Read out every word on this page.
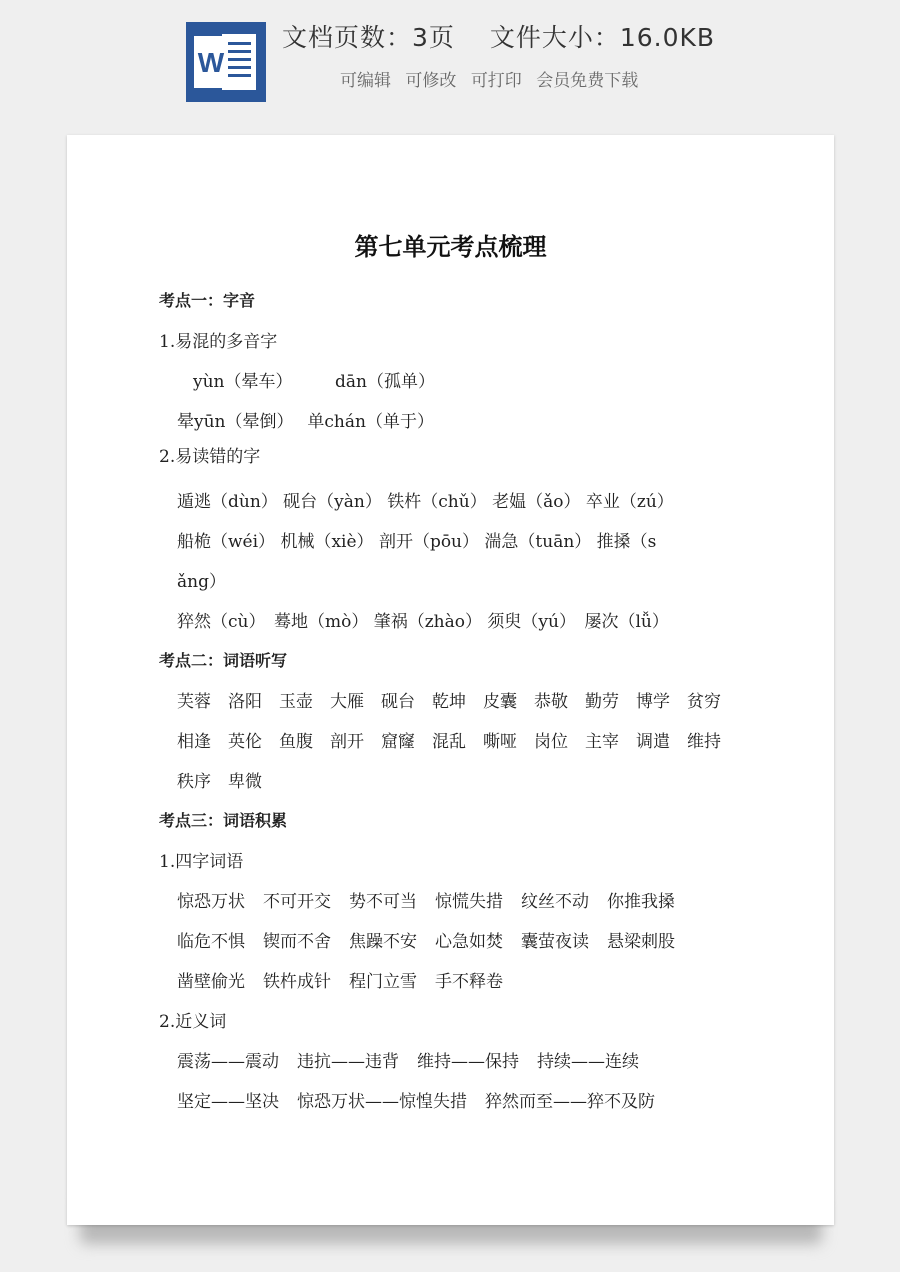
W
文档页数：3页　 文件大小：16.0KB
可编辑 可修改 可打印 会员免费下载
第七单元考点梳理
考点一：字音
1.易混的多音字
yùn（晕车）　　　dān（孤单）
晕yūn（晕倒）　 单chán（单于）
2.易读错的字
遁逃（dùn） 砚台（yàn） 铁杵（chǔ） 老媪（ǎo） 卒业（zú）
船桅（wéi） 机械（xiè） 剖开（pōu） 湍急（tuān） 推搡（s
ǎng）
猝然（cù）　蓦地（mò） 肇祸（zhào） 须臾（yú）　屡次（lǚ）
考点二：词语听写
芙蓉 洛阳 玉壶 大雁 砚台 乾坤 皮囊 恭敬 勤劳 博学 贫穷
相逢 英伦 鱼腹 剖开 窟窿 混乱 嘶哑 岗位 主宰 调遣 维持
秩序 卑微
考点三：词语积累
1.四字词语
惊恐万状 不可开交 势不可当 惊慌失措 纹丝不动 你推我搡
临危不惧 锲而不舍 焦躁不安 心急如焚 囊萤夜读 悬梁刺股
凿壁偷光 铁杵成针 程门立雪 手不释卷
2.近义词
震荡——震动 违抗——违背 维持——保持 持续——连续
坚定——坚决 惊恐万状——惊惶失措 猝然而至——猝不及防
